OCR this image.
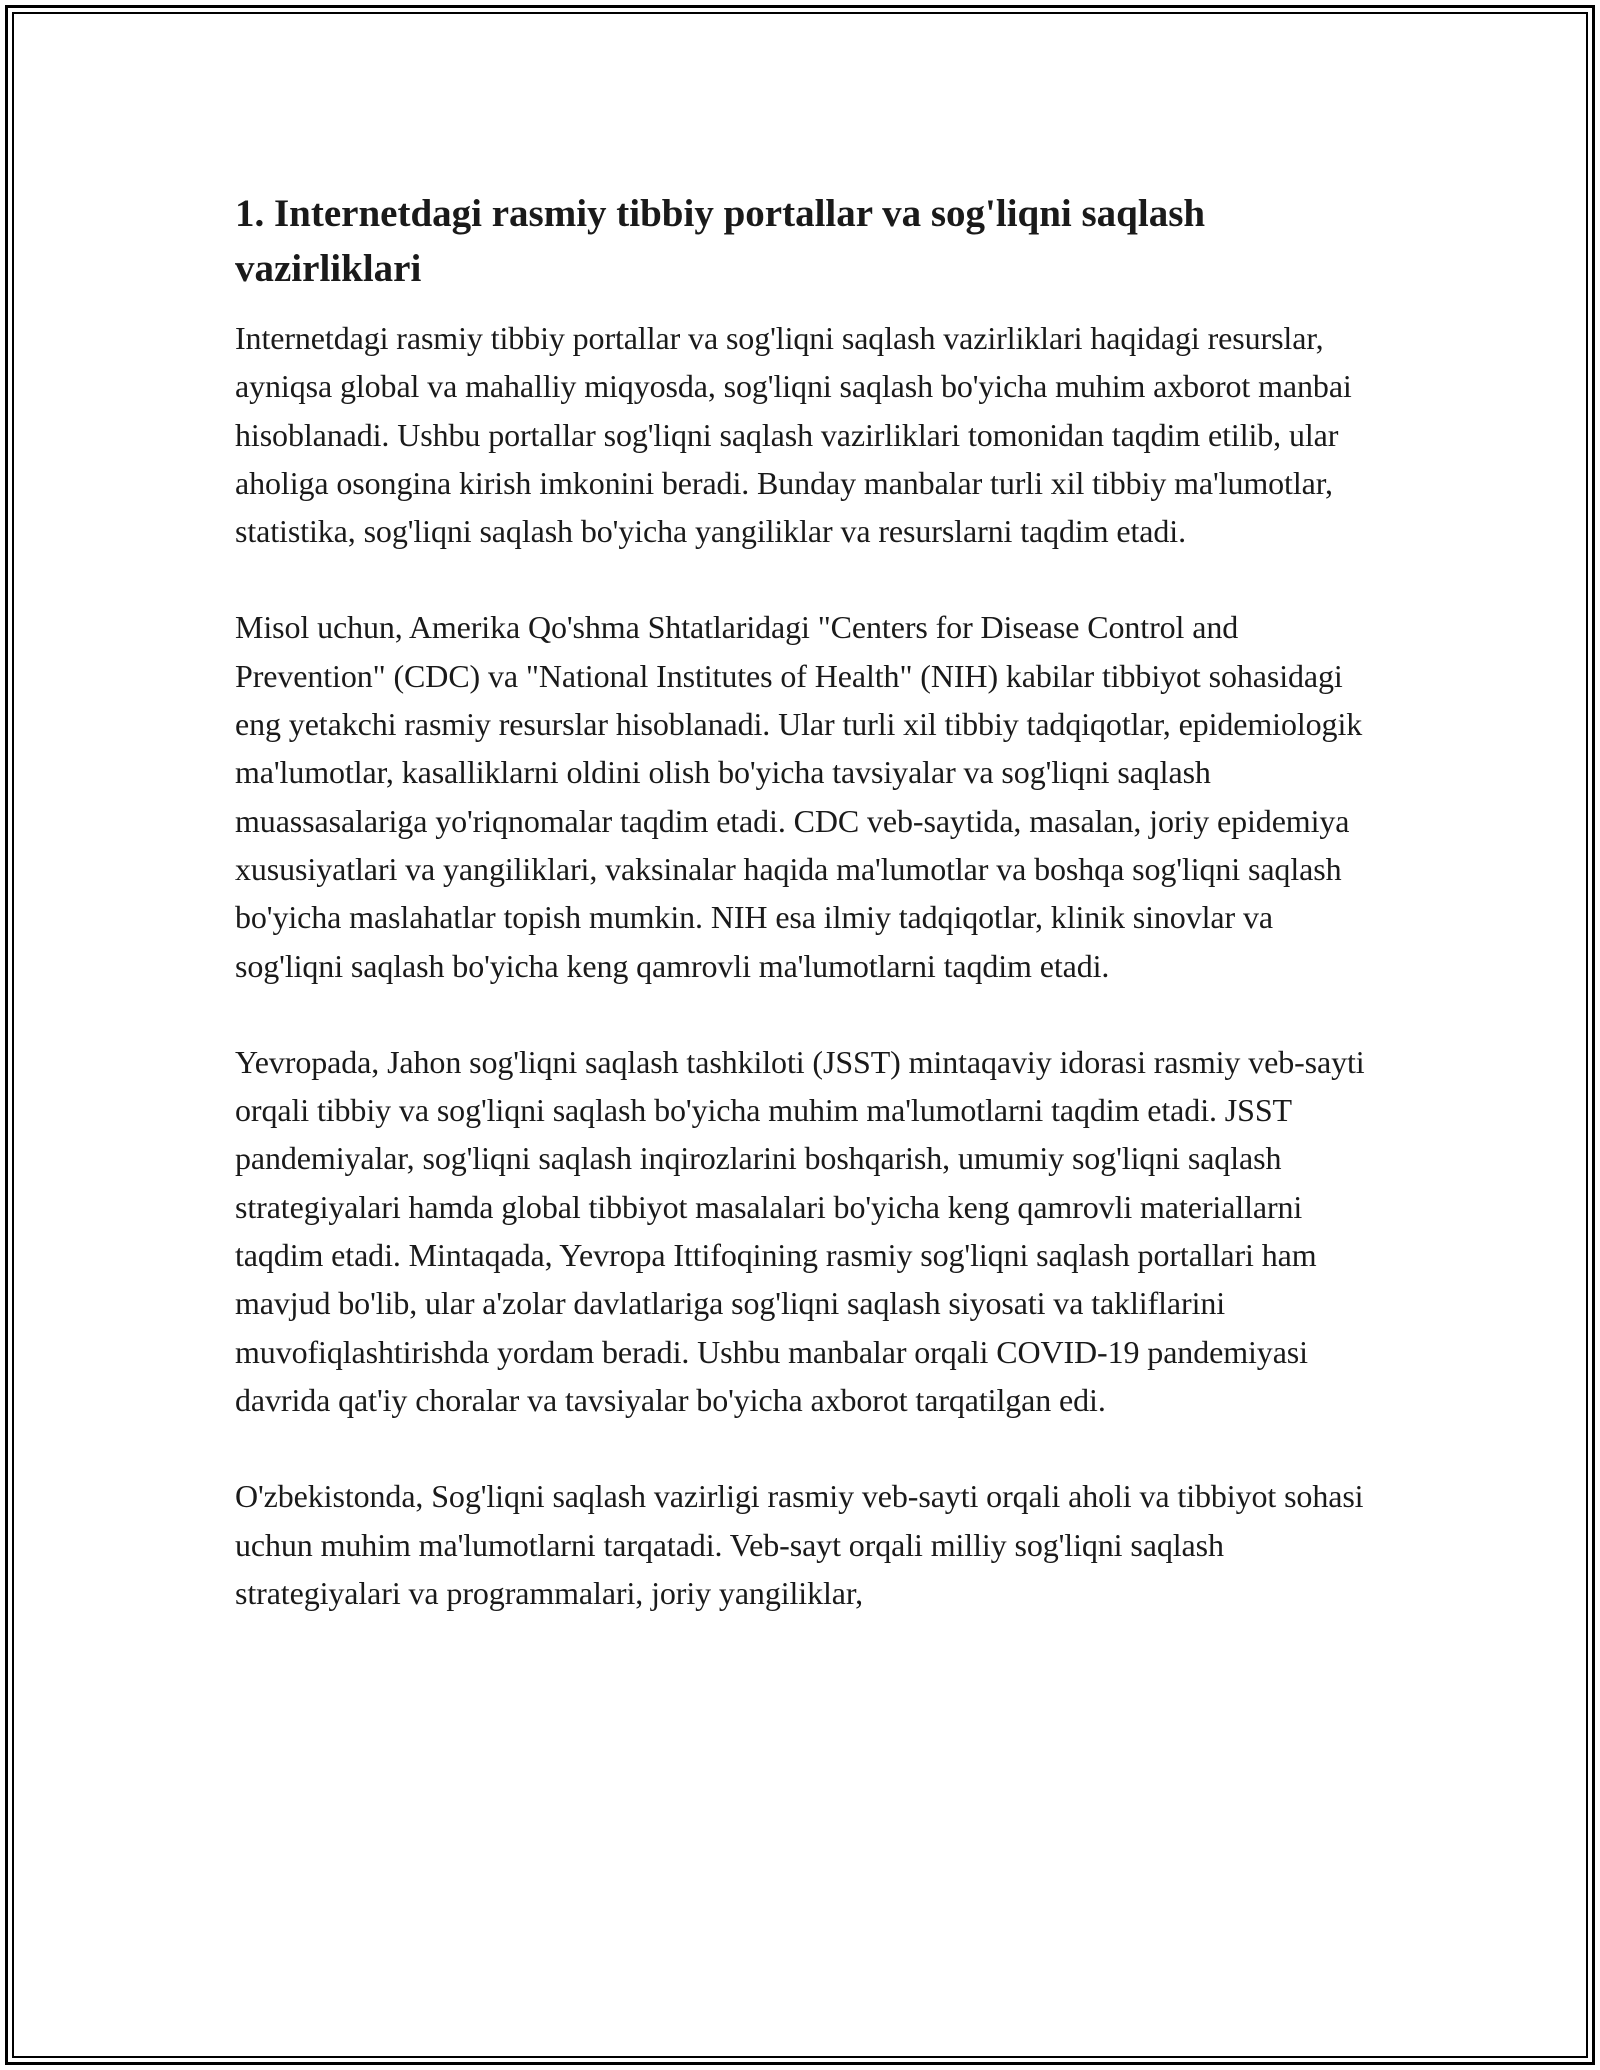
1. Internetdagi rasmiy tibbiy portallar va sog'liqni saqlash vazirliklari

Internetdagi rasmiy tibbiy portallar va sog'liqni saqlash vazirliklari haqidagi resurslar, ayniqsa global va mahalliy miqyosda, sog'liqni saqlash bo'yicha muhim axborot manbai hisoblanadi. Ushbu portallar sog'liqni saqlash vazirliklari tomonidan taqdim etilib, ular aholiga osongina kirish imkonini beradi. Bunday manbalar turli xil tibbiy ma'lumotlar, statistika, sog'liqni saqlash bo'yicha yangiliklar va resurslarni taqdim etadi.

Misol uchun, Amerika Qo'shma Shtatlaridagi "Centers for Disease Control and Prevention" (CDC) va "National Institutes of Health" (NIH) kabilar tibbiyot sohasidagi eng yetakchi rasmiy resurslar hisoblanadi. Ular turli xil tibbiy tadqiqotlar, epidemiologik ma'lumotlar, kasalliklarni oldini olish bo'yicha tavsiyalar va sog'liqni saqlash muassasalariga yo'riqnomalar taqdim etadi. CDC veb-saytida, masalan, joriy epidemiya xususiyatlari va yangiliklari, vaksinalar haqida ma'lumotlar va boshqa sog'liqni saqlash bo'yicha maslahatlar topish mumkin. NIH esa ilmiy tadqiqotlar, klinik sinovlar va sog'liqni saqlash bo'yicha keng qamrovli ma'lumotlarni taqdim etadi.

Yevropada, Jahon sog'liqni saqlash tashkiloti (JSST) mintaqaviy idorasi rasmiy veb-sayti orqali tibbiy va sog'liqni saqlash bo'yicha muhim ma'lumotlarni taqdim etadi. JSST pandemiyalar, sog'liqni saqlash inqirozlarini boshqarish, umumiy sog'liqni saqlash strategiyalari hamda global tibbiyot masalalari bo'yicha keng qamrovli materiallarni taqdim etadi. Mintaqada, Yevropa Ittifoqining rasmiy sog'liqni saqlash portallari ham mavjud bo'lib, ular a'zolar davlatlariga sog'liqni saqlash siyosati va takliflarini muvofiqlashtirishda yordam beradi. Ushbu manbalar orqali COVID-19 pandemiyasi davrida qat'iy choralar va tavsiyalar bo'yicha axborot tarqatilgan edi.

O'zbekistonda, Sog'liqni saqlash vazirligi rasmiy veb-sayti orqali aholi va tibbiyot sohasi uchun muhim ma'lumotlarni tarqatadi. Veb-sayt orqali milliy sog'liqni saqlash strategiyalari va programmalari, joriy yangiliklar,
